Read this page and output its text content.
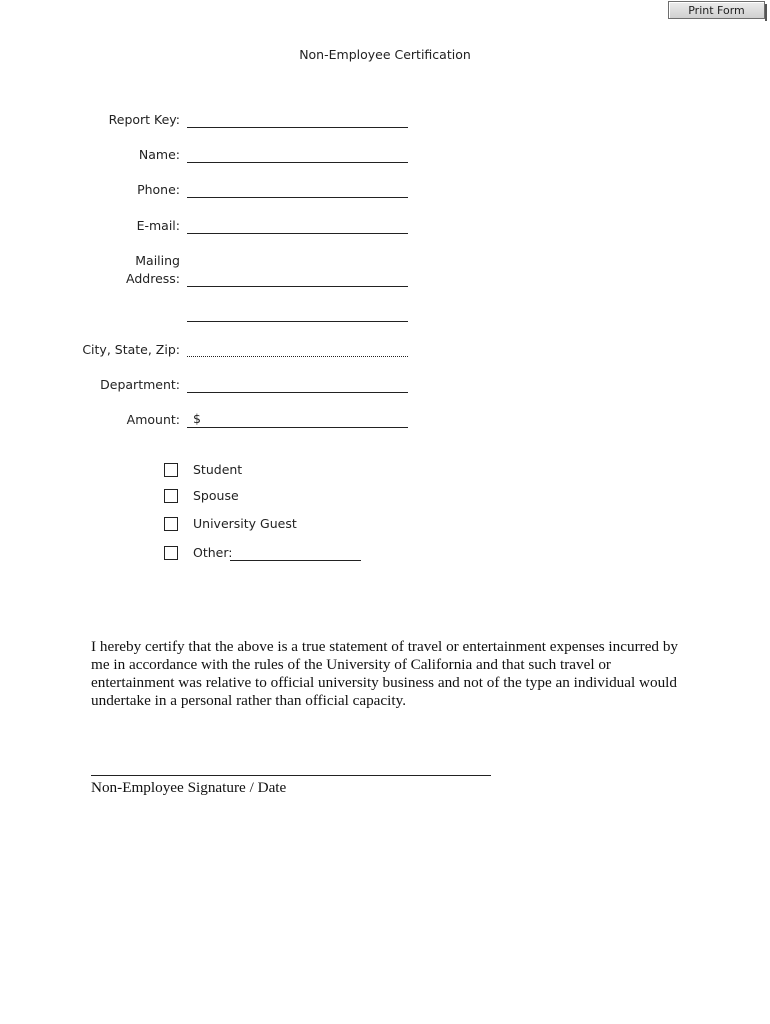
Print Form
Non-Employee Certification
Report Key:
Name:
Phone:
E-mail:
Mailing
Address:
City, State, Zip:
Department:
Amount: $
Student
Spouse
University Guest
Other:
I hereby certify that the above is a true statement of travel or entertainment expenses incurred by me in accordance with the rules of the University of California and that such travel or entertainment was relative to official university business and not of the type an individual would undertake in a personal rather than official capacity.
Non-Employee Signature / Date
